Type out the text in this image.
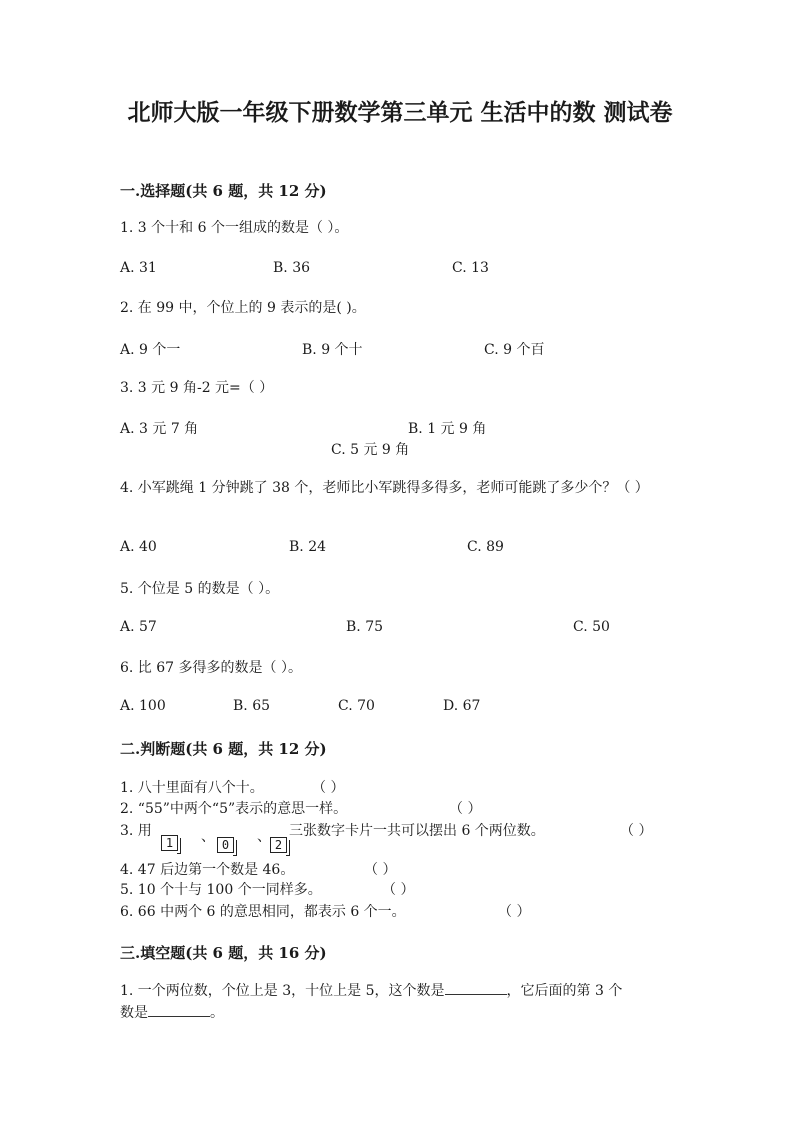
北师大版一年级下册数学第三单元 生活中的数 测试卷
一.选择题(共 6 题，共 12 分)
1. 3 个十和 6 个一组成的数是（ ）。
A. 31	B. 36	C. 13
2. 在 99 中，个位上的 9 表示的是( )。
A. 9 个一	B. 9 个十	C. 9 个百
3. 3 元 9 角-2 元=（ ）
A. 3 元 7 角	B. 1 元 9 角
C. 5 元 9 角
4. 小军跳绳 1 分钟跳了 38 个，老师比小军跳得多得多，老师可能跳了多少个？（ ）
A. 40	B. 24	C. 89
5. 个位是 5 的数是（ ）。
A. 57	B. 75	C. 50
6. 比 67 多得多的数是（ ）。
A. 100	B. 65	C. 70	D. 67
二.判断题(共 6 题，共 12 分)
1. 八十里面有八个十。	（ ）
2. “55”中两个“5”表示的意思一样。	（ ）
3. 用	、	、
1	0	2
三张数字卡片一共可以摆出 6 个两位数。	（ ）
4. 47 后边第一个数是 46。	（ ）
5. 10 个十与 100 个一同样多。	（ ）
6. 66 中两个 6 的意思相同，都表示 6 个一。	（ ）
三.填空题(共 6 题，共 16 分)
1. 一个两位数，个位上是 3，十位上是 5，这个数是	，它后面的第 3 个
数是	。
